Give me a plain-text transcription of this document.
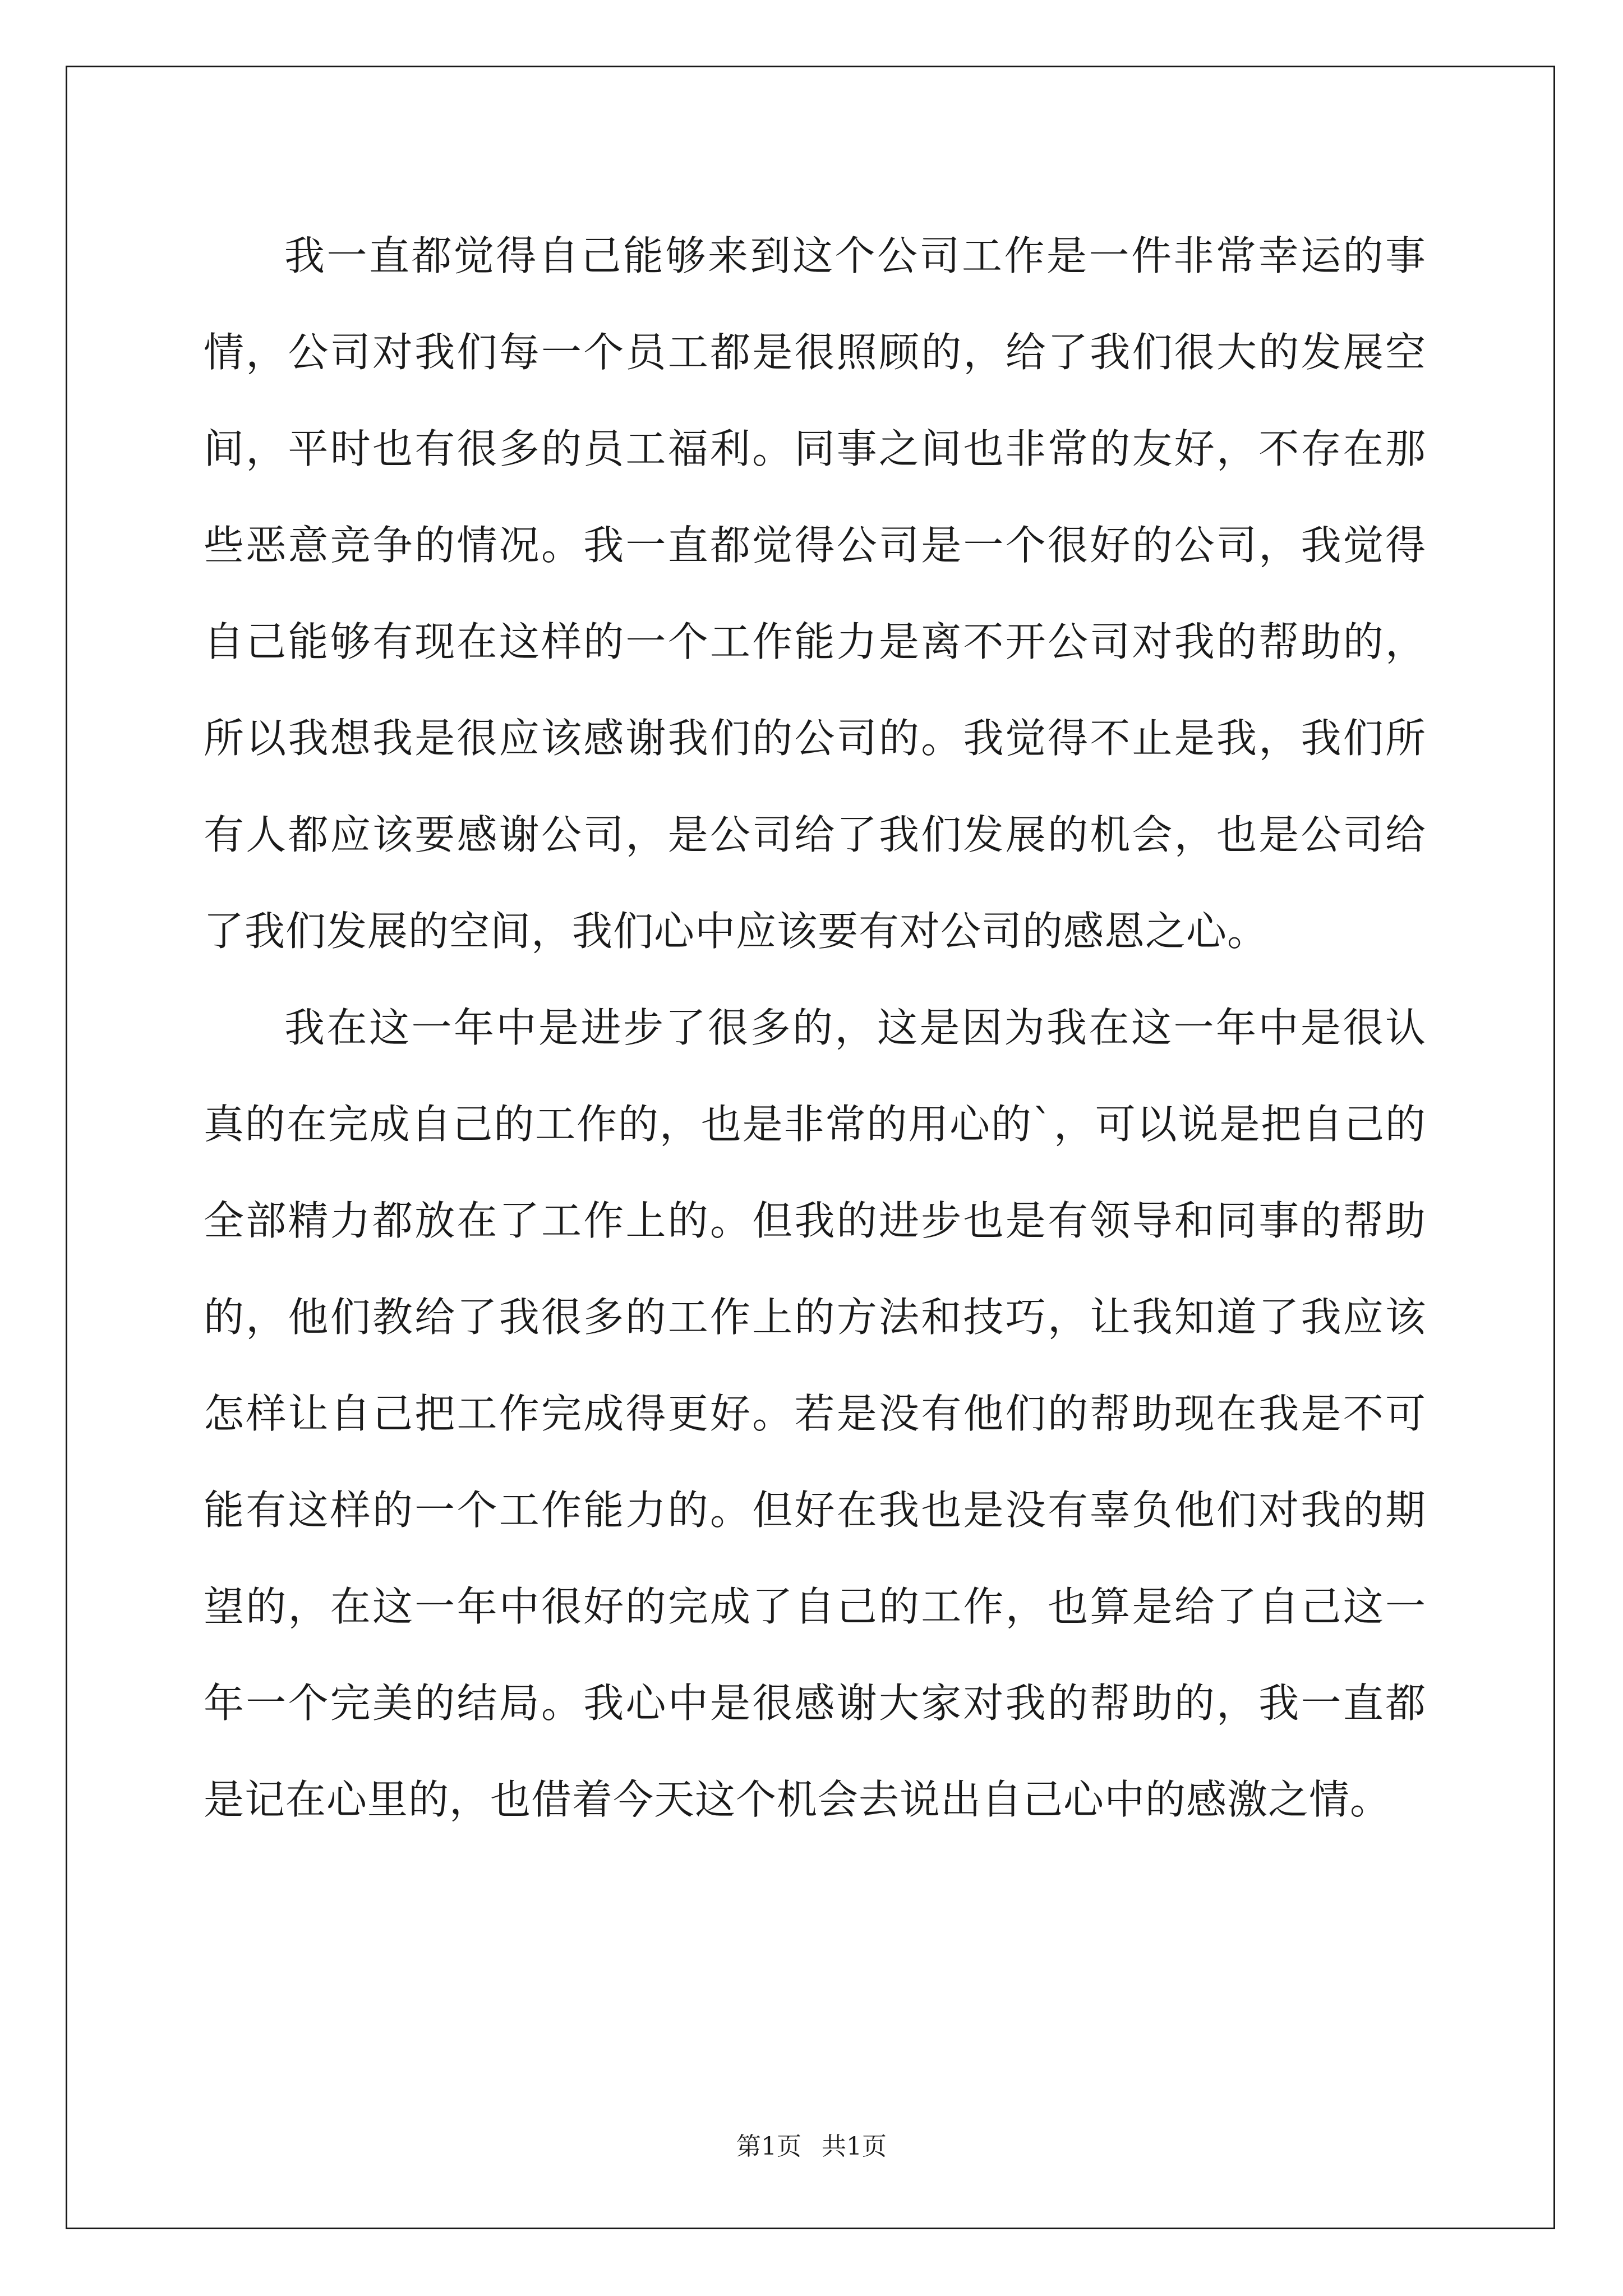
我一直都觉得自己能够来到这个公司工作是一件非常幸运的事情，公司对我们每一个员工都是很照顾的，给了我们很大的发展空间，平时也有很多的员工福利。同事之间也非常的友好，不存在那些恶意竞争的情况。我一直都觉得公司是一个很好的公司，我觉得自己能够有现在这样的一个工作能力是离不开公司对我的帮助的，所以我想我是很应该感谢我们的公司的。我觉得不止是我，我们所有人都应该要感谢公司，是公司给了我们发展的机会，也是公司给了我们发展的空间，我们心中应该要有对公司的感恩之心。

我在这一年中是进步了很多的，这是因为我在这一年中是很认真的在完成自己的工作的，也是非常的用心的`，可以说是把自己的全部精力都放在了工作上的。但我的进步也是有领导和同事的帮助的，他们教给了我很多的工作上的方法和技巧，让我知道了我应该怎样让自己把工作完成得更好。若是没有他们的帮助现在我是不可能有这样的一个工作能力的。但好在我也是没有辜负他们对我的期望的，在这一年中很好的完成了自己的工作，也算是给了自己这一年一个完美的结局。我心中是很感谢大家对我的帮助的，我一直都是记在心里的，也借着今天这个机会去说出自己心中的感激之情。

第1页 共1页
